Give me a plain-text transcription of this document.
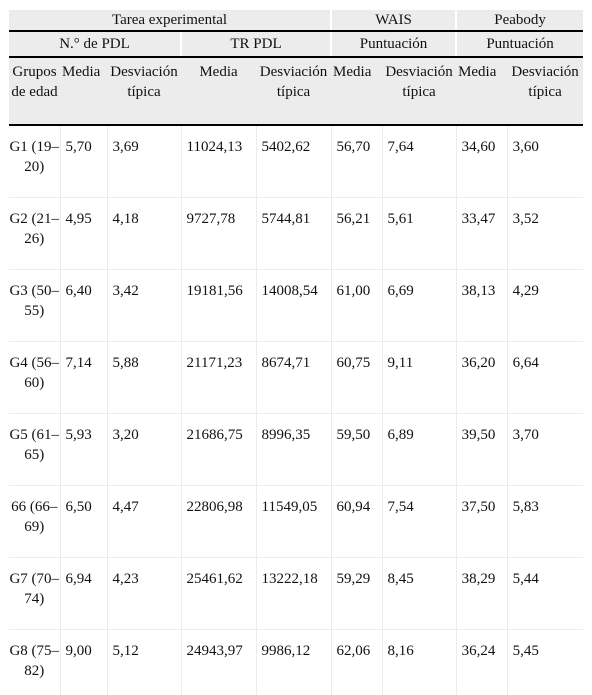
Tarea experimental					WAIS		Peabody	
N.° de PDL			TR PDL		Puntuación		Puntuación	
Grupos de edad	Media	Desviación típica	Media	Desviación típica	Media	Desviación típica	Media	Desviación típica
G1 (19–20)	5,70	3,69	11024,13	5402,62	56,70	7,64	34,60	3,60
G2 (21–26)	4,95	4,18	9727,78	5744,81	56,21	5,61	33,47	3,52
G3 (50–55)	6,40	3,42	19181,56	14008,54	61,00	6,69	38,13	4,29
G4 (56–60)	7,14	5,88	21171,23	8674,71	60,75	9,11	36,20	6,64
G5 (61–65)	5,93	3,20	21686,75	8996,35	59,50	6,89	39,50	3,70
66 (66–69)	6,50	4,47	22806,98	11549,05	60,94	7,54	37,50	5,83
G7 (70–74)	6,94	4,23	25461,62	13222,18	59,29	8,45	38,29	5,44
G8 (75–82)	9,00	5,12	24943,97	9986,12	62,06	8,16	36,24	5,45
